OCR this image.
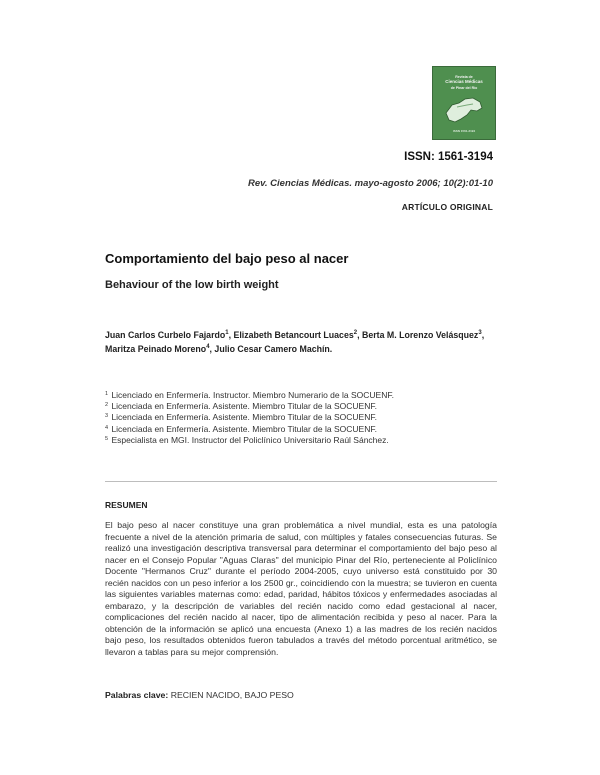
Revista de
Ciencias Médicas
de Pinar del Río
ISSN 1561-3194
ISSN: 1561-3194
Rev. Ciencias Médicas. mayo-agosto 2006; 10(2):01-10
ARTÍCULO ORIGINAL
Comportamiento del bajo peso al nacer
Behaviour of the low birth weight
Juan Carlos Curbelo Fajardo$^1$, Elizabeth Betancourt Luaces$^2$, Berta M. Lorenzo Velásquez$^3$, Maritza Peinado Moreno$^4$, Julio Cesar Camero Machín.
$^1$ Licenciado en Enfermería. Instructor. Miembro Numerario de la SOCUENF.
$^2$ Licenciada en Enfermería. Asistente. Miembro Titular de la SOCUENF.
$^3$ Licenciada en Enfermería. Asistente. Miembro Titular de la SOCUENF.
$^4$ Licenciada en Enfermería. Asistente. Miembro Titular de la SOCUENF.
$^5$ Especialista en MGI. Instructor del Policlínico Universitario Raúl Sánchez.
RESUMEN
El bajo peso al nacer constituye una gran problemática a nivel mundial, esta es una patología frecuente a nivel de la atención primaria de salud, con múltiples y fatales consecuencias futuras. Se realizó una investigación descriptiva transversal para determinar el comportamiento del bajo peso al nacer en el Consejo Popular "Aguas Claras" del municipio Pinar del Río, perteneciente al Policlínico Docente "Hermanos Cruz" durante el período 2004-2005, cuyo universo está constituido por 30 recién nacidos con un peso inferior a los 2500 gr., coincidiendo con la muestra; se tuvieron en cuenta las siguientes variables maternas como: edad, paridad, hábitos tóxicos y enfermedades asociadas al embarazo, y la descripción de variables del recién nacido como edad gestacional al nacer, complicaciones del recién nacido al nacer, tipo de alimentación recibida y peso al nacer. Para la obtención de la información se aplicó una encuesta (Anexo 1) a las madres de los recién nacidos bajo peso, los resultados obtenidos fueron tabulados a través del método porcentual aritmético, se llevaron a tablas para su mejor comprensión.
Palabras clave: RECIEN NACIDO, BAJO PESO
